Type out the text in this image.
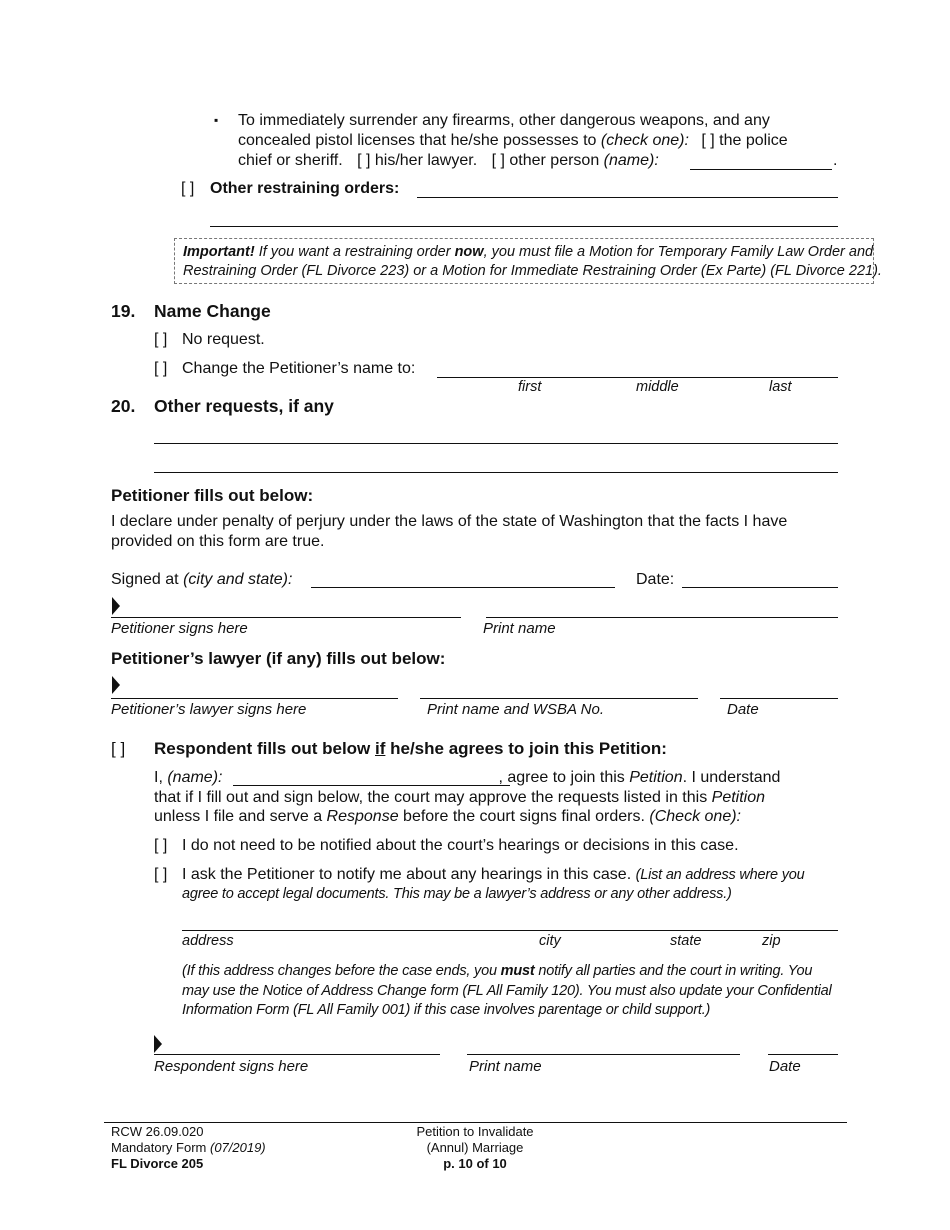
▪ To immediately surrender any firearms, other dangerous weapons, and any
concealed pistol licenses that he/she possesses to (check one): [ ] the police
chief or sheriff. [ ] his/her lawyer. [ ] other person (name):	.
[ ] Other restraining orders:
Important! If you want a restraining order now, you must file a Motion for Temporary Family Law Order and
Restraining Order (FL Divorce 223) or a Motion for Immediate Restraining Order (Ex Parte) (FL Divorce 221).
19. Name Change
[ ] No request.
[ ] Change the Petitioner’s name to:
first	middle	last
20. Other requests, if any
Petitioner fills out below:
I declare under penalty of perjury under the laws of the state of Washington that the facts I have
provided on this form are true.
Signed at (city and state):	Date:
Petitioner signs here	Print name
Petitioner’s lawyer (if any) fills out below:
Petitioner’s lawyer signs here	Print name and WSBA No.	Date
[ ] Respondent fills out below if he/she agrees to join this Petition:
I, (name):	, agree to join this Petition. I understand
that if I fill out and sign below, the court may approve the requests listed in this Petition
unless I file and serve a Response before the court signs final orders. (Check one):
[ ] I do not need to be notified about the court’s hearings or decisions in this case.
[ ] I ask the Petitioner to notify me about any hearings in this case. (List an address where you
agree to accept legal documents. This may be a lawyer’s address or any other address.)
address	city	state	zip
(If this address changes before the case ends, you must notify all parties and the court in writing. You
may use the Notice of Address Change form (FL All Family 120). You must also update your Confidential
Information Form (FL All Family 001) if this case involves parentage or child support.)
Respondent signs here	Print name	Date
RCW 26.09.020
Mandatory Form (07/2019)
FL Divorce 205
Petition to Invalidate
(Annul) Marriage
p. 10 of 10
